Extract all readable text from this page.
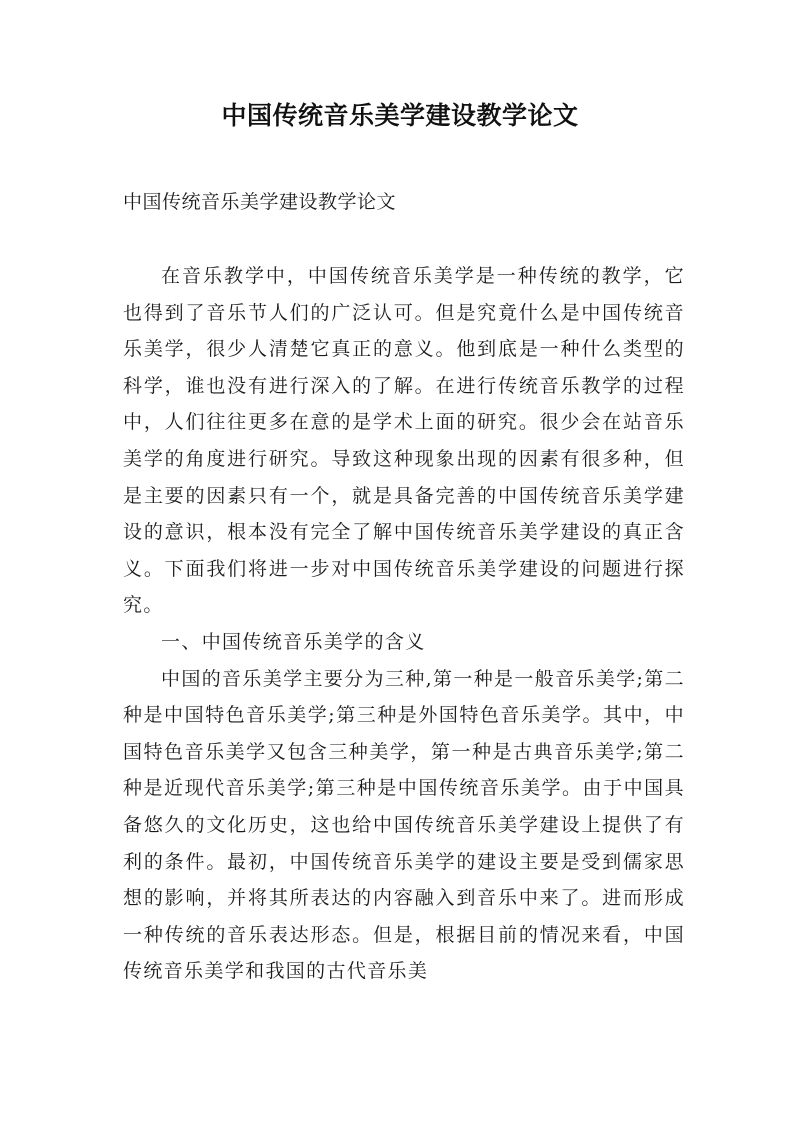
中国传统音乐美学建设教学论文
中国传统音乐美学建设教学论文

在音乐教学中，中国传统音乐美学是一种传统的教学，它也得到了音乐节人们的广泛认可。但是究竟什么是中国传统音乐美学，很少人清楚它真正的意义。他到底是一种什么类型的科学，谁也没有进行深入的了解。在进行传统音乐教学的过程中，人们往往更多在意的是学术上面的研究。很少会在站音乐美学的角度进行研究。导致这种现象出现的因素有很多种，但是主要的因素只有一个，就是具备完善的中国传统音乐美学建设的意识，根本没有完全了解中国传统音乐美学建设的真正含义。下面我们将进一步对中国传统音乐美学建设的问题进行探究。

一、中国传统音乐美学的含义

中国的音乐美学主要分为三种,第一种是一般音乐美学;第二种是中国特色音乐美学;第三种是外国特色音乐美学。其中，中国特色音乐美学又包含三种美学，第一种是古典音乐美学;第二种是近现代音乐美学;第三种是中国传统音乐美学。由于中国具备悠久的文化历史，这也给中国传统音乐美学建设上提供了有利的条件。最初，中国传统音乐美学的建设主要是受到儒家思想的影响，并将其所表达的内容融入到音乐中来了。进而形成一种传统的音乐表达形态。但是，根据目前的情况来看，中国传统音乐美学和我国的古代音乐美
